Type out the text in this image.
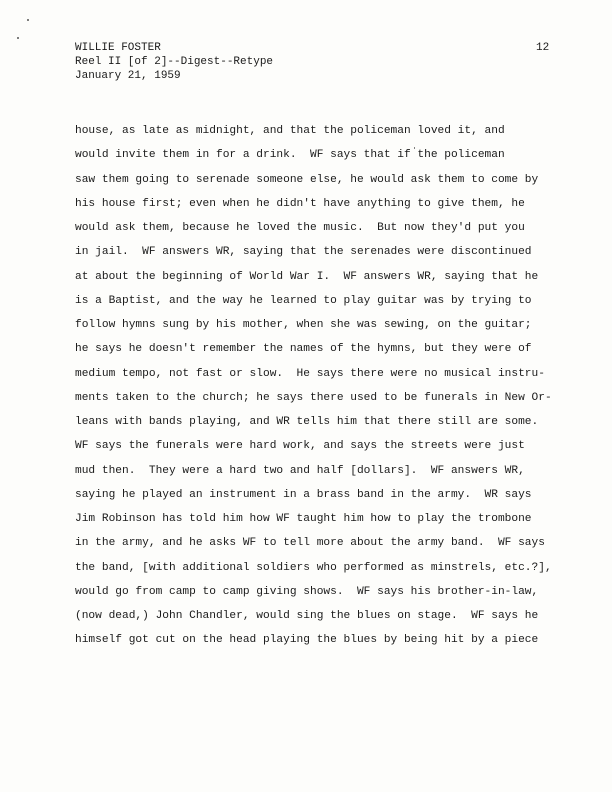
WILLIE FOSTER
Reel II [of 2]--Digest--Retype
January 21, 1959
12
house, as late as midnight, and that the policeman loved it, and
would invite them in for a drink.  WF says that if the policeman
saw them going to serenade someone else, he would ask them to come by
his house first; even when he didn't have anything to give them, he
would ask them, because he loved the music.  But now they'd put you
in jail.  WF answers WR, saying that the serenades were discontinued
at about the beginning of World War I.  WF answers WR, saying that he
is a Baptist, and the way he learned to play guitar was by trying to
follow hymns sung by his mother, when she was sewing, on the guitar;
he says he doesn't remember the names of the hymns, but they were of
medium tempo, not fast or slow.  He says there were no musical instru-
ments taken to the church; he says there used to be funerals in New Or-
leans with bands playing, and WR tells him that there still are some.
WF says the funerals were hard work, and says the streets were just
mud then.  They were a hard two and half [dollars].  WF answers WR,
saying he played an instrument in a brass band in the army.  WR says
Jim Robinson has told him how WF taught him how to play the trombone
in the army, and he asks WF to tell more about the army band.  WF says
the band, [with additional soldiers who performed as minstrels, etc.?],
would go from camp to camp giving shows.  WF says his brother-in-law,
(now dead,) John Chandler, would sing the blues on stage.  WF says he
himself got cut on the head playing the blues by being hit by a piece
